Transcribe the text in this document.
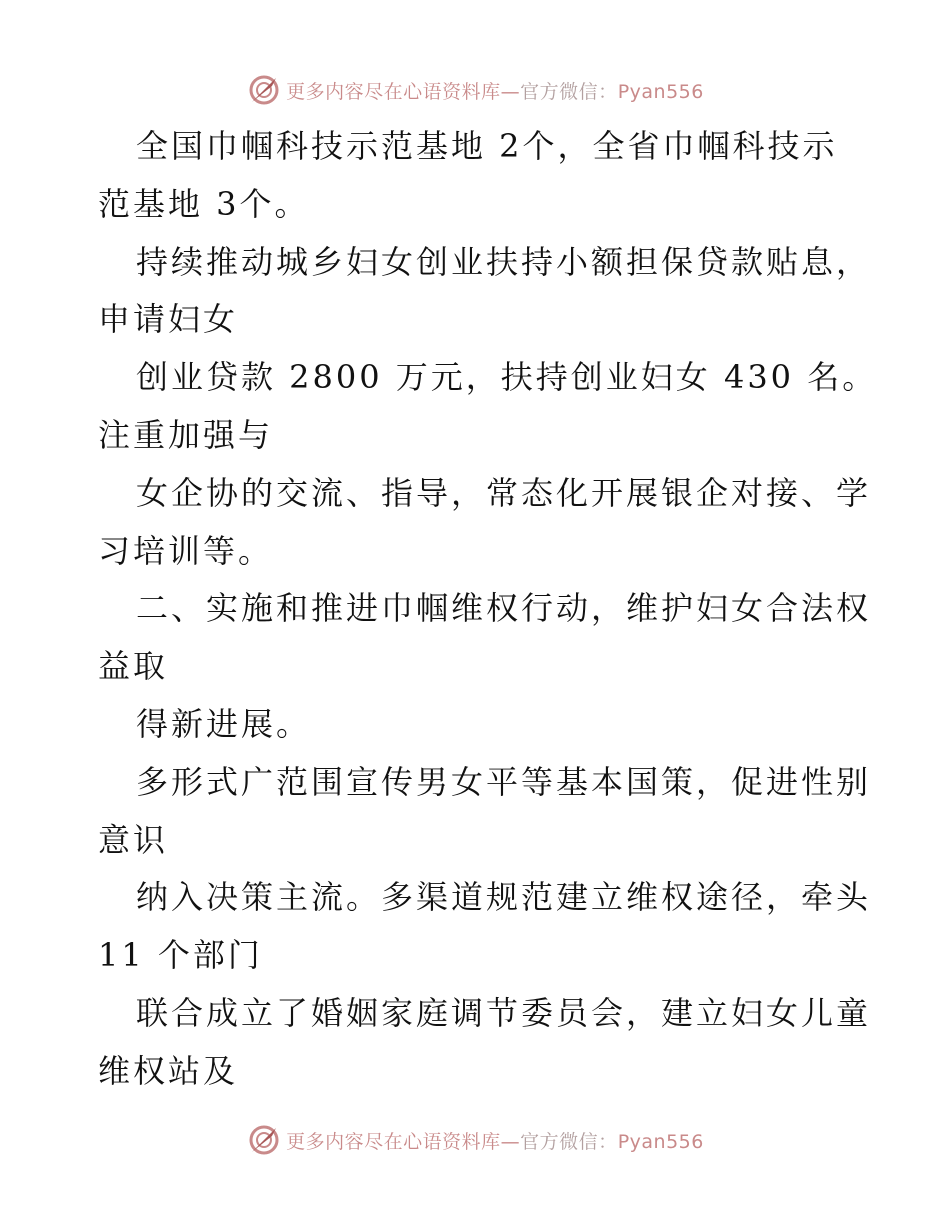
更多内容尽在心语资料库—官方微信：Pyan556
全国巾帼科技示范基地 2个，全省巾帼科技示
范基地 3个。
持续推动城乡妇女创业扶持小额担保贷款贴息，
申请妇女
创业贷款 2800 万元，扶持创业妇女 430 名。
注重加强与
女企协的交流、指导，常态化开展银企对接、学
习培训等。
二、实施和推进巾帼维权行动，维护妇女合法权
益取
得新进展。
多形式广范围宣传男女平等基本国策，促进性别
意识
纳入决策主流。多渠道规范建立维权途径，牵头
11 个部门
联合成立了婚姻家庭调节委员会，建立妇女儿童
维权站及
更多内容尽在心语资料库—官方微信：Pyan556
